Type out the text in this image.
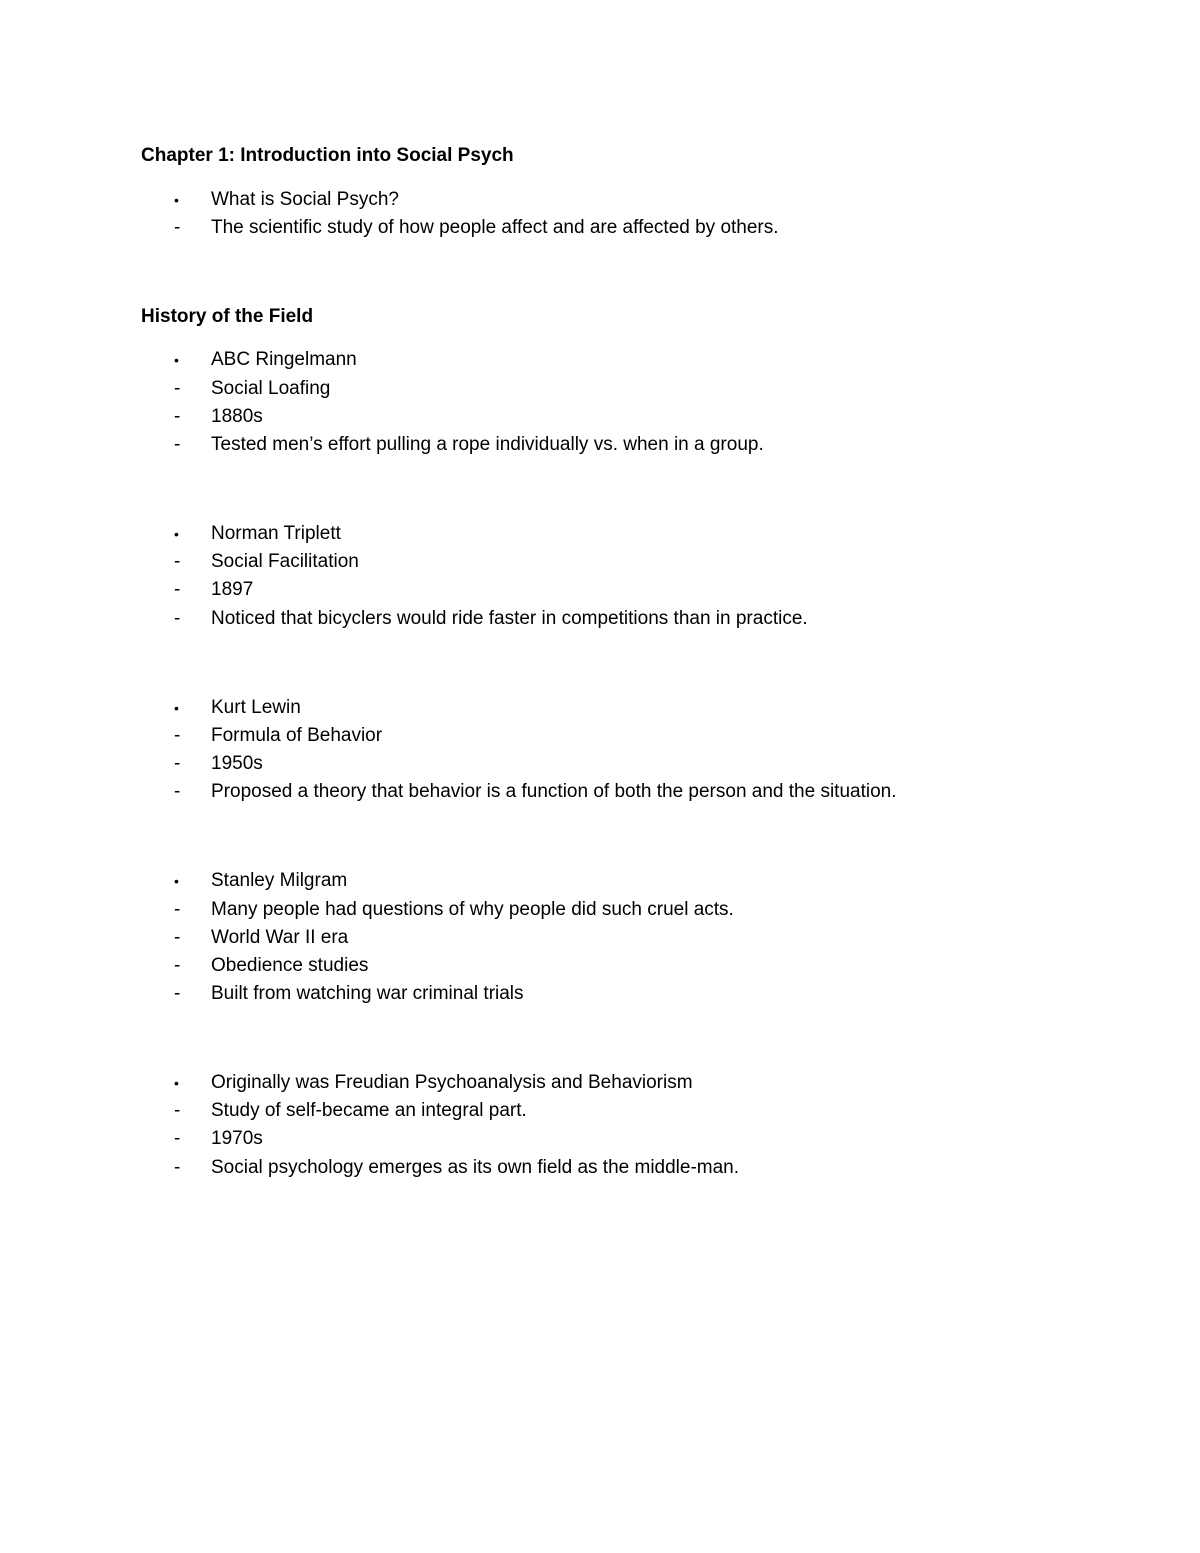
Chapter 1: Introduction into Social Psych
•	What is Social Psych?
-	The scientific study of how people affect and are affected by others.
History of the Field
•	ABC Ringelmann
-	Social Loafing
-	1880s
-	Tested men’s effort pulling a rope individually vs. when in a group.
•	Norman Triplett
-	Social Facilitation
-	1897
-	Noticed that bicyclers would ride faster in competitions than in practice.
•	Kurt Lewin
-	Formula of Behavior
-	1950s
-	Proposed a theory that behavior is a function of both the person and the situation.
•	Stanley Milgram
-	Many people had questions of why people did such cruel acts.
-	World War II era
-	Obedience studies
-	Built from watching war criminal trials
•	Originally was Freudian Psychoanalysis and Behaviorism
-	Study of self-became an integral part.
-	1970s
-	Social psychology emerges as its own field as the middle-man.
